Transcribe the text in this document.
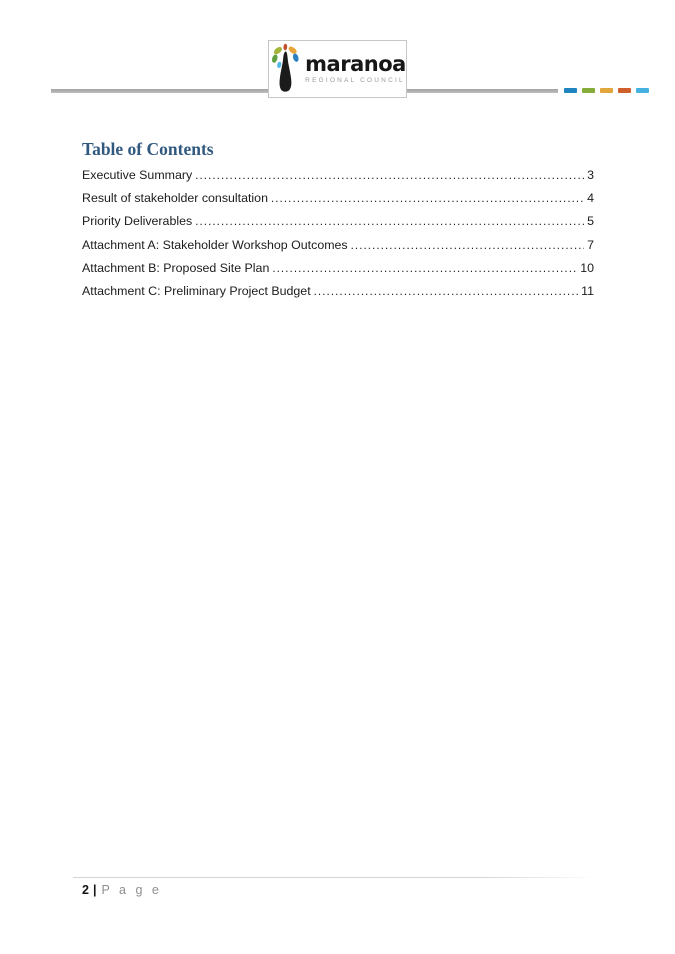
maranoa
REGIONAL COUNCIL
Table of Contents
Executive Summary .....	3
Result of stakeholder consultation .....	4
Priority Deliverables .....	5
Attachment A: Stakeholder Workshop Outcomes .....	7
Attachment B: Proposed Site Plan .....	10
Attachment C: Preliminary Project Budget .....	11
2 | P a g e
